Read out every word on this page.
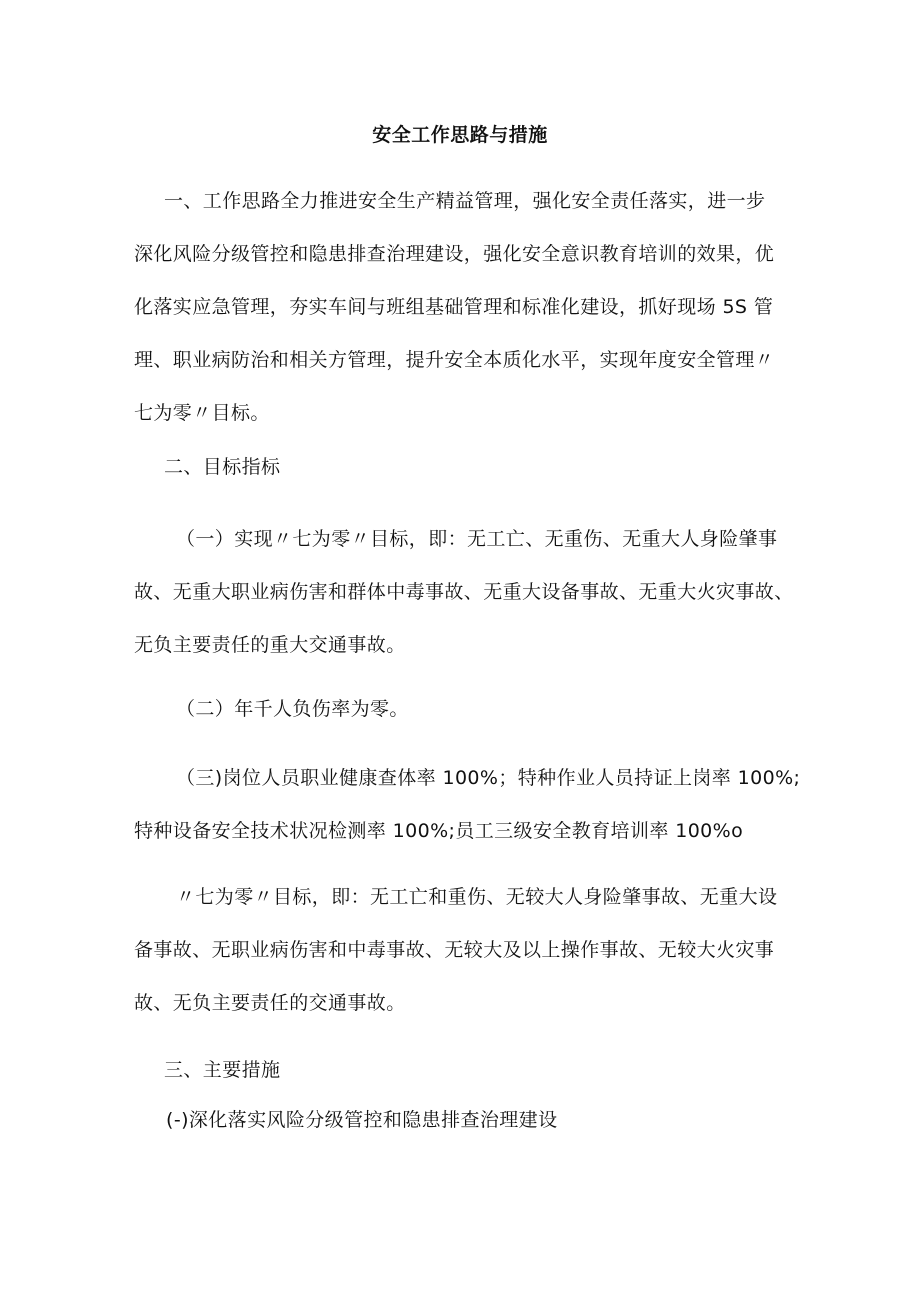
安全工作思路与措施
一、工作思路全力推进安全生产精益管理，强化安全责任落实，进一步
深化风险分级管控和隐患排查治理建设，强化安全意识教育培训的效果，优
化落实应急管理，夯实车间与班组基础管理和标准化建设，抓好现场 5S 管
理、职业病防治和相关方管理，提升安全本质化水平，实现年度安全管理〃
七为零〃目标。
二、目标指标
（一）实现〃七为零〃目标，即：无工亡、无重伤、无重大人身险肇事
故、无重大职业病伤害和群体中毒事故、无重大设备事故、无重大火灾事故、
无负主要责任的重大交通事故。
（二）年千人负伤率为零。
（三)岗位人员职业健康查体率 100%；特种作业人员持证上岗率 100%;
特种设备安全技术状况检测率 100%;员工三级安全教育培训率 100%o
〃七为零〃目标，即：无工亡和重伤、无较大人身险肇事故、无重大设
备事故、无职业病伤害和中毒事故、无较大及以上操作事故、无较大火灾事
故、无负主要责任的交通事故。
三、主要措施
(-)深化落实风险分级管控和隐患排查治理建设
